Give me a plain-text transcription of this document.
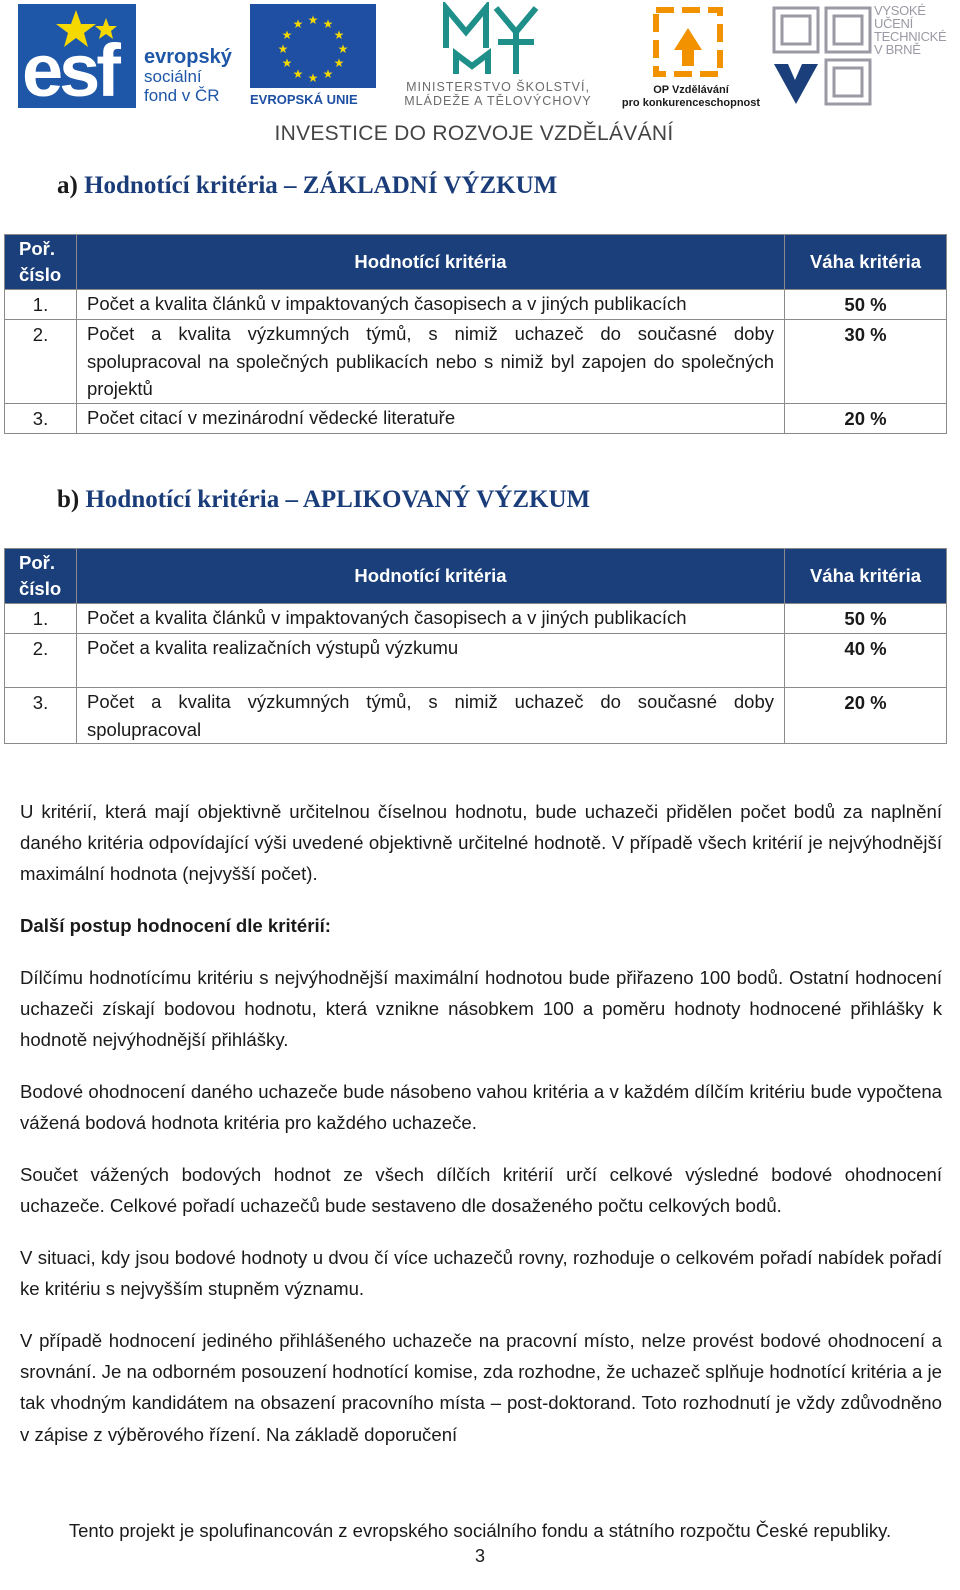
esf evropský
sociální
fond v ČR
★ ★
★
★
★
★
★
★
★
★
★
★
EVROPSKÁ UNIE
MINISTERSTVO ŠKOLSTVÍ,
MLÁDEŽE A TĚLOVÝCHOVY
OP Vzdělávání
pro konkurenceschopnost
VYSOKÉ
UČENÍ
TECHNICKÉ
V BRNĚ
INVESTICE DO ROZVOJE VZDĚLÁVÁNÍ
a) Hodnotící kritéria – ZÁKLADNÍ VÝZKUM
Poř. číslo	Hodnotící kritéria	Váha kritéria
1.	Počet a kvalita článků v impaktovaných časopisech a v jiných publikacích	50 %
2.	Počet a kvalita výzkumných týmů, s nimiž uchazeč do současné doby spolupracoval na společných publikacích nebo s nimiž byl zapojen do společných projektů	30 %
3.	Počet citací v mezinárodní vědecké literatuře	20 %
b) Hodnotící kritéria – APLIKOVANÝ VÝZKUM
Poř. číslo	Hodnotící kritéria	Váha kritéria
1.	Počet a kvalita článků v impaktovaných časopisech a v jiných publikacích	50 %
2.	Počet a kvalita realizačních výstupů výzkumu	40 %
3.	Počet a kvalita výzkumných týmů, s nimiž uchazeč do současné doby spolupracoval	20 %

U kritérií, která mají objektivně určitelnou číselnou hodnotu, bude uchazeči přidělen počet bodů za naplnění daného kritéria odpovídající výši uvedené objektivně určitelné hodnotě. V případě všech kritérií je nejvýhodnější maximální hodnota (nejvyšší počet).

Další postup hodnocení dle kritérií:

Dílčímu hodnotícímu kritériu s nejvýhodnější maximální hodnotou bude přiřazeno 100 bodů. Ostatní hodnocení uchazeči získají bodovou hodnotu, která vznikne násobkem 100 a poměru hodnoty hodnocené přihlášky k hodnotě nejvýhodnější přihlášky.

Bodové ohodnocení daného uchazeče bude násobeno vahou kritéria a v každém dílčím kritériu bude vypočtena vážená bodová hodnota kritéria pro každého uchazeče.

Součet vážených bodových hodnot ze všech dílčích kritérií určí celkové výsledné bodové ohodnocení uchazeče. Celkové pořadí uchazečů bude sestaveno dle dosaženého počtu celkových bodů.

V situaci, kdy jsou bodové hodnoty u dvou čí více uchazečů rovny, rozhoduje o celkovém pořadí nabídek pořadí ke kritériu s nejvyšším stupněm významu.

V případě hodnocení jediného přihlášeného uchazeče na pracovní místo, nelze provést bodové ohodnocení a srovnání. Je na odborném posouzení hodnotící komise, zda rozhodne, že uchazeč splňuje hodnotící kritéria a je tak vhodným kandidátem na obsazení pracovního místa – post-doktorand. Toto rozhodnutí je vždy zdůvodněno v zápise z výběrového řízení. Na základě doporučení

Tento projekt je spolufinancován z evropského sociálního fondu a státního rozpočtu České republiky.
3
